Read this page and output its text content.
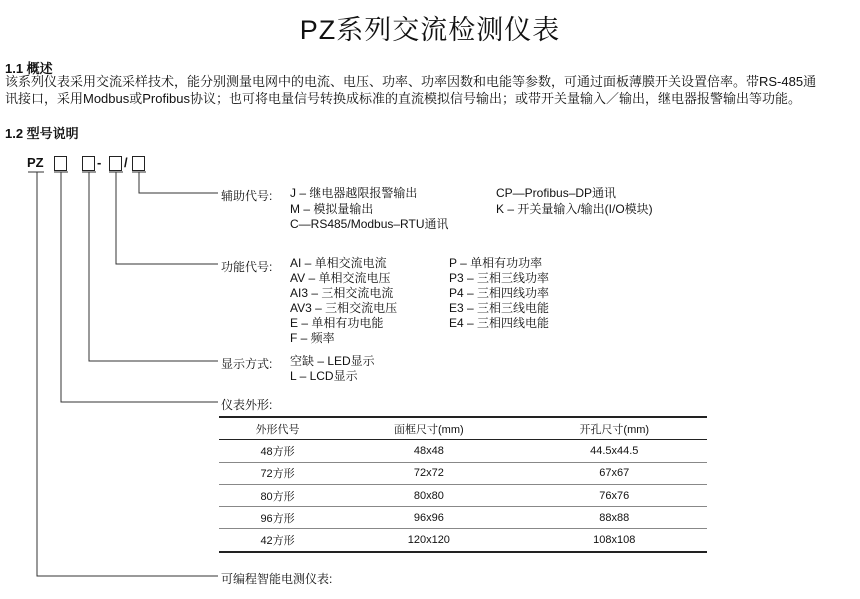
PZ系列交流检测仪表
1.1 概述
该系列仪表采用交流采样技术，能分别测量电网中的电流、电压、功率、功率因数和电能等参数，可通过面板薄膜开关设置倍率。带RS-485通
讯接口，采用Modbus或Profibus协议；也可将电量信号转换成标准的直流模拟信号输出；或带开关量输入／输出，继电器报警输出等功能。
1.2 型号说明
PZ	- /
辅助代号: J – 继电器越限报警输出
M – 模拟量输出
C—RS485/Modbus–RTU通讯
CP—Profibus–DP通讯
K – 开关量输入/输出(I/O模块)
功能代号: AI – 单相交流电流
AV – 单相交流电压
AI3 – 三相交流电流
AV3 – 三相交流电压
E – 单相有功电能
F – 频率
P – 单相有功功率
P3 – 三相三线功率
P4 – 三相四线功率
E3 – 三相三线电能
E4 – 三相四线电能
显示方式: 空缺 – LED显示
L – LCD显示
仪表外形:
外形代号	面框尺寸(mm)	开孔尺寸(mm)
48方形	48x48	44.5x44.5
72方形	72x72	67x67
80方形	80x80	76x76
96方形	96x96	88x88
42方形	120x120	108x108
可编程智能电测仪表:
